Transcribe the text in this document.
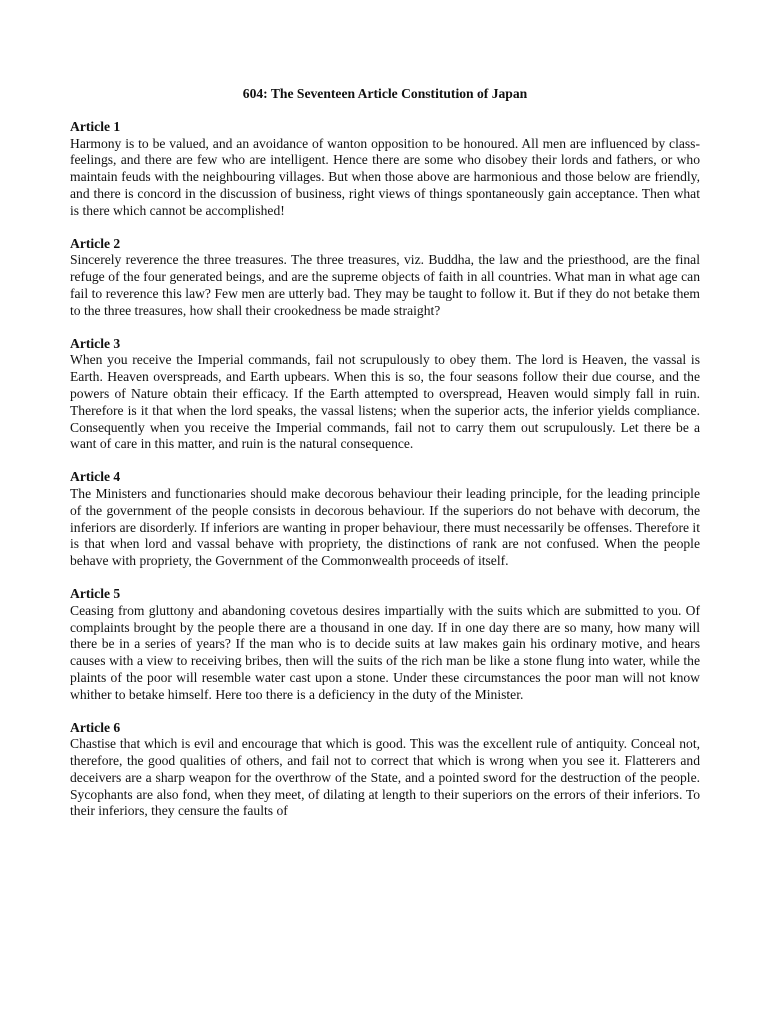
604: The Seventeen Article Constitution of Japan
Article 1

Harmony is to be valued, and an avoidance of wanton opposition to be honoured. All men are influenced by class-feelings, and there are few who are intelligent. Hence there are some who disobey their lords and fathers, or who maintain feuds with the neighbouring villages. But when those above are harmonious and those below are friendly, and there is concord in the discussion of business, right views of things spontaneously gain acceptance. Then what is there which cannot be accomplished!

Article 2

Sincerely reverence the three treasures. The three treasures, viz. Buddha, the law and the priesthood, are the final refuge of the four generated beings, and are the supreme objects of faith in all countries. What man in what age can fail to reverence this law? Few men are utterly bad. They may be taught to follow it. But if they do not betake them to the three treasures, how shall their crookedness be made straight?

Article 3

When you receive the Imperial commands, fail not scrupulously to obey them. The lord is Heaven, the vassal is Earth. Heaven overspreads, and Earth upbears. When this is so, the four seasons follow their due course, and the powers of Nature obtain their efficacy. If the Earth attempted to overspread, Heaven would simply fall in ruin. Therefore is it that when the lord speaks, the vassal listens; when the superior acts, the inferior yields compliance. Consequently when you receive the Imperial commands, fail not to carry them out scrupulously. Let there be a want of care in this matter, and ruin is the natural consequence.

Article 4

The Ministers and functionaries should make decorous behaviour their leading principle, for the leading principle of the government of the people consists in decorous behaviour. If the superiors do not behave with decorum, the inferiors are disorderly. If inferiors are wanting in proper behaviour, there must necessarily be offenses. Therefore it is that when lord and vassal behave with propriety, the distinctions of rank are not confused. When the people behave with propriety, the Government of the Commonwealth proceeds of itself.

Article 5

Ceasing from gluttony and abandoning covetous desires impartially with the suits which are submitted to you. Of complaints brought by the people there are a thousand in one day. If in one day there are so many, how many will there be in a series of years? If the man who is to decide suits at law makes gain his ordinary motive, and hears causes with a view to receiving bribes, then will the suits of the rich man be like a stone flung into water, while the plaints of the poor will resemble water cast upon a stone. Under these circumstances the poor man will not know whither to betake himself. Here too there is a deficiency in the duty of the Minister.

Article 6

Chastise that which is evil and encourage that which is good. This was the excellent rule of antiquity. Conceal not, therefore, the good qualities of others, and fail not to correct that which is wrong when you see it. Flatterers and deceivers are a sharp weapon for the overthrow of the State, and a pointed sword for the destruction of the people. Sycophants are also fond, when they meet, of dilating at length to their superiors on the errors of their inferiors. To their inferiors, they censure the faults of
